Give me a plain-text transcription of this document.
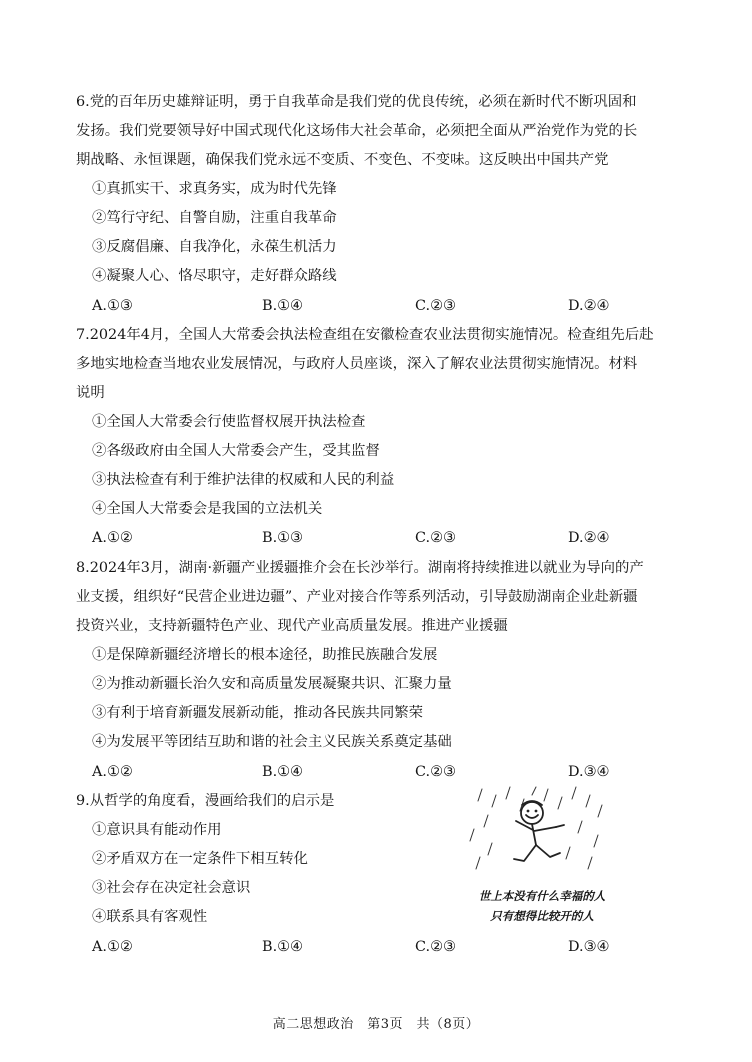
6.党的百年历史雄辩证明，勇于自我革命是我们党的优良传统，必须在新时代不断巩固和
发扬。我们党要领导好中国式现代化这场伟大社会革命，必须把全面从严治党作为党的长
期战略、永恒课题，确保我们党永远不变质、不变色、不变味。这反映出中国共产党
①真抓实干、求真务实，成为时代先锋
②笃行守纪、自警自励，注重自我革命
③反腐倡廉、自我净化，永葆生机活力
④凝聚人心、恪尽职守，走好群众路线
A.①③	B.①④	C.②③	D.②④
7.2024年4月，全国人大常委会执法检查组在安徽检查农业法贯彻实施情况。检查组先后赴
多地实地检查当地农业发展情况，与政府人员座谈，深入了解农业法贯彻实施情况。材料
说明
①全国人大常委会行使监督权展开执法检查
②各级政府由全国人大常委会产生，受其监督
③执法检查有利于维护法律的权威和人民的利益
④全国人大常委会是我国的立法机关
A.①②	B.①③	C.②③	D.②④
8.2024年3月，湖南·新疆产业援疆推介会在长沙举行。湖南将持续推进以就业为导向的产
业支援，组织好“民营企业进边疆”、产业对接合作等系列活动，引导鼓励湖南企业赴新疆
投资兴业，支持新疆特色产业、现代产业高质量发展。推进产业援疆
①是保障新疆经济增长的根本途径，助推民族融合发展
②为推动新疆长治久安和高质量发展凝聚共识、汇聚力量
③有利于培育新疆发展新动能，推动各民族共同繁荣
④为发展平等团结互助和谐的社会主义民族关系奠定基础
A.①②	B.①④	C.②③	D.③④
9.从哲学的角度看，漫画给我们的启示是
①意识具有能动作用
②矛盾双方在一定条件下相互转化
③社会存在决定社会意识
④联系具有客观性
A.①②	B.①④	C.②③	D.③④
世上本没有什么幸福的人
只有想得比较开的人
高二思想政治　第3页　共（8页）
